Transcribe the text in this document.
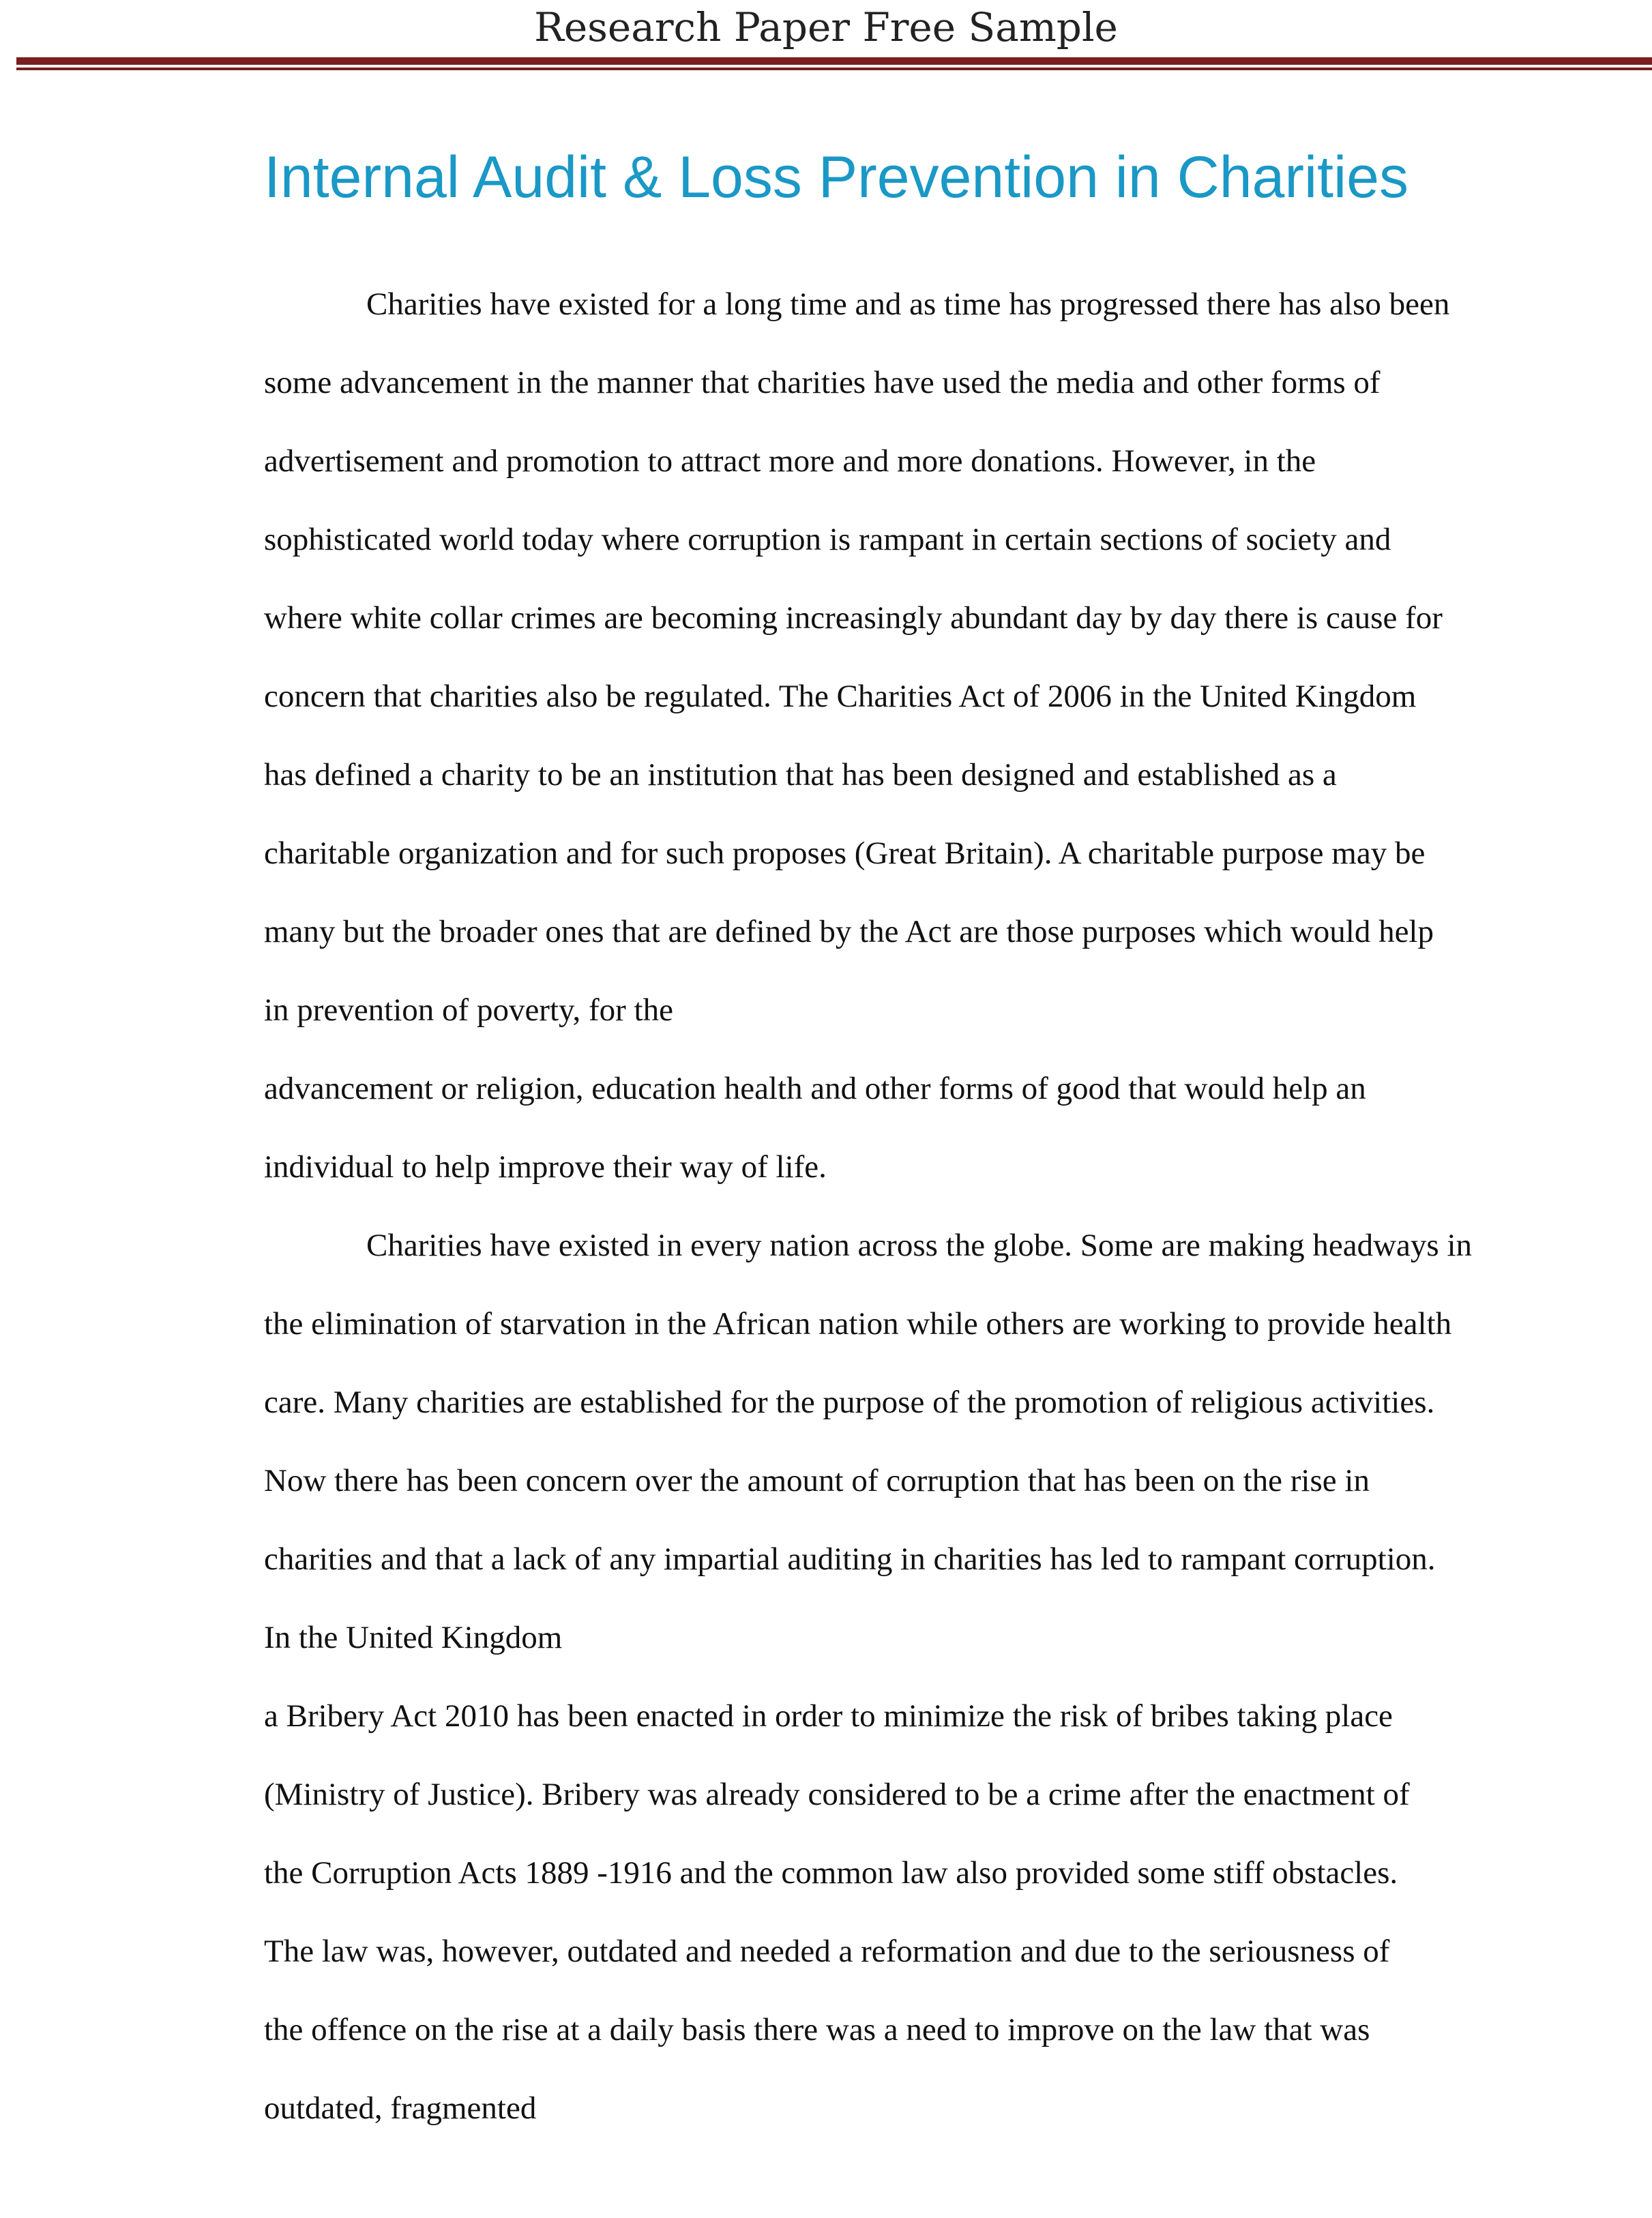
Research Paper Free Sample
Internal Audit & Loss Prevention in Charities
Charities have existed for a long time and as time has progressed there has also been
some advancement in the manner that charities have used the media and other forms of
advertisement and promotion to attract more and more donations. However, in the
sophisticated world today where corruption is rampant in certain sections of society and
where white collar crimes are becoming increasingly abundant day by day there is cause for
concern that charities also be regulated. The Charities Act of 2006 in the United Kingdom
has defined a charity to be an institution that has been designed and established as a
charitable organization and for such proposes (Great Britain). A charitable purpose may be
many but the broader ones that are defined by the Act are those purposes which would help
in prevention of poverty, for the
advancement or religion, education health and other forms of good that would help an
individual to help improve their way of life.
Charities have existed in every nation across the globe. Some are making headways in
the elimination of starvation in the African nation while others are working to provide health
care. Many charities are established for the purpose of the promotion of religious activities.
Now there has been concern over the amount of corruption that has been on the rise in
charities and that a lack of any impartial auditing in charities has led to rampant corruption.
In the United Kingdom
a Bribery Act 2010 has been enacted in order to minimize the risk of bribes taking place
(Ministry of Justice). Bribery was already considered to be a crime after the enactment of
the Corruption Acts 1889 -1916 and the common law also provided some stiff obstacles.
The law was, however, outdated and needed a reformation and due to the seriousness of
the offence on the rise at a daily basis there was a need to improve on the law that was
outdated, fragmented
